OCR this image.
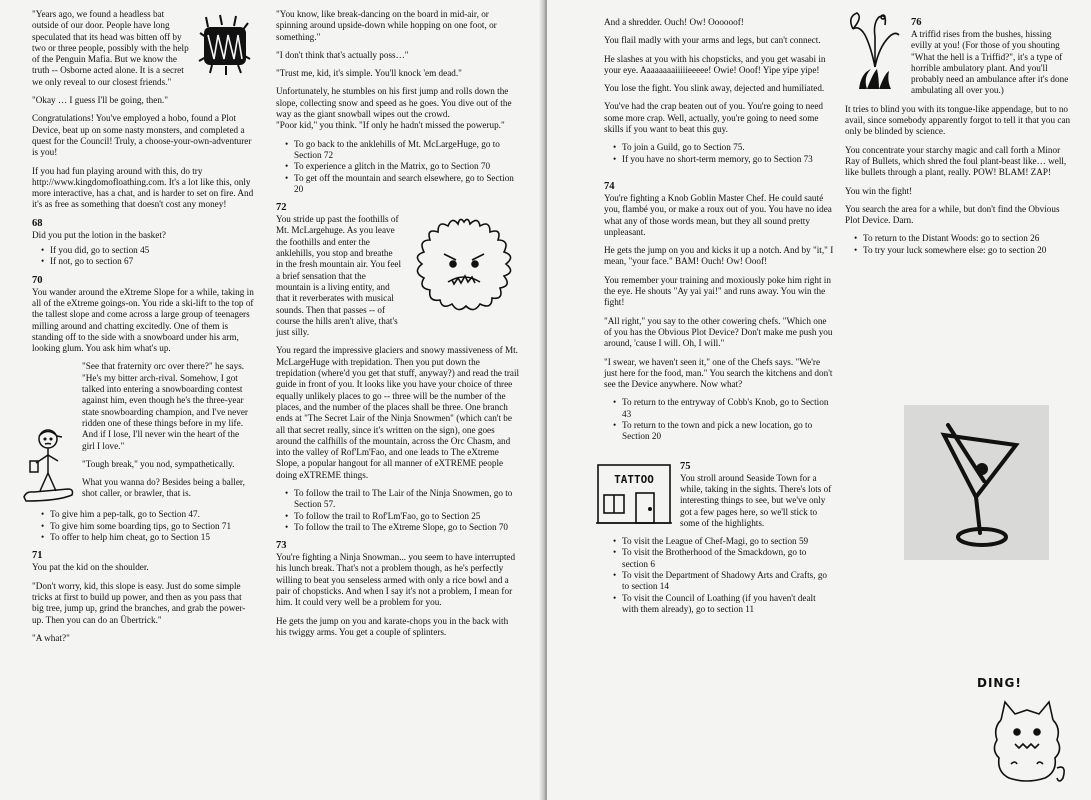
"Years ago, we found a headless bat outside of our door. People have long speculated that its head was bitten off by two or three people, possibly with the help of the Penguin Mafia. But we know the truth -- Osborne acted alone. It is a secret we only reveal to our closest friends."

"Okay … I guess I'll be going, then."

Congratulations! You've employed a hobo, found a Plot Device, beat up on some nasty monsters, and completed a quest for the Council! Truly, a choose-your-own-adventurer is you!

If you had fun playing around with this, do try http://www.kingdomofloathing.com. It's a lot like this, only more interactive, has a chat, and is harder to set on fire. And it's as free as something that doesn't cost any money!

68

Did you put the lotion in the basket?

• If you did, go to section 45
• If not, go to section 67
70

You wander around the eXtreme Slope for a while, taking in all of the eXtreme goings-on. You ride a ski-lift to the top of the tallest slope and come across a large group of teenagers milling around and chatting excitedly. One of them is standing off to the side with a snowboard under his arm, looking glum. You ask him what's up.

"See that fraternity orc over there?" he says. "He's my bitter arch-rival. Somehow, I got talked into entering a snowboarding contest against him, even though he's the three-year state snowboarding champion, and I've never ridden one of these things before in my life. And if I lose, I'll never win the heart of the girl I love."

"Tough break," you nod, sympathetically.

What you wanna do? Besides being a baller, shot caller, or brawler, that is.

• To give him a pep-talk, go to Section 47.
• To give him some boarding tips, go to Section 71
• To offer to help him cheat, go to Section 15
71

You pat the kid on the shoulder.

"Don't worry, kid, this slope is easy. Just do some simple tricks at first to build up power, and then as you pass that big tree, jump up, grind the branches, and grab the power-up. Then you can do an Übertrick."

"A what?"

"You know, like break-dancing on the board in mid-air, or spinning around upside-down while hopping on one foot, or something."

"I don't think that's actually poss…"

"Trust me, kid, it's simple. You'll knock 'em dead."

Unfortunately, he stumbles on his first jump and rolls down the slope, collecting snow and speed as he goes. You dive out of the way as the giant snowball wipes out the crowd.

"Poor kid," you think. "If only he hadn't missed the powerup."

• To go back to the anklehills of Mt. McLargeHuge, go to Section 72
• To experience a glitch in the Matrix, go to Section 70
• To get off the mountain and search elsewhere, go to Section 20
72

You stride up past the foothills of Mt. McLargehuge. As you leave the foothills and enter the anklehills, you stop and breathe in the fresh mountain air. You feel a brief sensation that the mountain is a living entity, and that it reverberates with musical sounds. Then that passes -- of course the hills aren't alive, that's just silly.

You regard the impressive glaciers and snowy massiveness of Mt. McLargeHuge with trepidation. Then you put down the trepidation (where'd you get that stuff, anyway?) and read the trail guide in front of you. It looks like you have your choice of three equally unlikely places to go -- three will be the number of the places, and the number of the places shall be three. One branch ends at "The Secret Lair of the Ninja Snowmen" (which can't be all that secret really, since it's written on the sign), one goes around the calfhills of the mountain, across the Orc Chasm, and into the valley of Rof'Lm'Fao, and one leads to The eXtreme Slope, a popular hangout for all manner of eXTREME people doing eXTREME things.

• To follow the trail to The Lair of the Ninja Snowmen, go to Section 57.
• To follow the trail to Rof'Lm'Fao, go to Section 25
• To follow the trail to The eXtreme Slope, go to Section 70
73

You're fighting a Ninja Snowman... you seem to have interrupted his lunch break. That's not a problem though, as he's perfectly willing to beat you senseless armed with only a rice bowl and a pair of chopsticks. And when I say it's not a problem, I mean for him. It could very well be a problem for you.

He gets the jump on you and karate-chops you in the back with his twiggy arms. You get a couple of splinters.

And a shredder. Ouch! Ow! Oooooof!

You flail madly with your arms and legs, but can't connect.

He slashes at you with his chopsticks, and you get wasabi in your eye. Aaaaaaaaiiiiieeeee! Owie! Ooof! Yipe yipe yipe!

You lose the fight. You slink away, dejected and humiliated.

You've had the crap beaten out of you. You're going to need some more crap. Well, actually, you're going to need some skills if you want to beat this guy.

• To join a Guild, go to Section 75.
• If you have no short-term memory, go to Section 73
74

You're fighting a Knob Goblin Master Chef. He could sauté you, flambé you, or make a roux out of you. You have no idea what any of those words mean, but they all sound pretty unpleasant.

He gets the jump on you and kicks it up a notch. And by "it," I mean, "your face." BAM! Ouch! Ow! Ooof!

You remember your training and moxiously poke him right in the eye. He shouts "Ay yai yai!" and runs away. You win the fight!

"All right," you say to the other cowering chefs. "Which one of you has the Obvious Plot Device? Don't make me push you around, 'cause I will. Oh, I will."

"I swear, we haven't seen it," one of the Chefs says. "We're just here for the food, man." You search the kitchens and don't see the Device anywhere. Now what?

• To return to the entryway of Cobb's Knob, go to Section 43
• To return to the town and pick a new location, go to Section 20
TATTOO
75

You stroll around Seaside Town for a while, taking in the sights. There's lots of interesting things to see, but we've only got a few pages here, so we'll stick to some of the highlights.

• To visit the League of Chef-Magi, go to section 59
• To visit the Brotherhood of the Smackdown, go to section 6
• To visit the Department of Shadowy Arts and Crafts, go to section 14
• To visit the Council of Loathing (if you haven't dealt with them already), go to section 11
76

A triffid rises from the bushes, hissing evilly at you! (For those of you shouting "What the hell is a Triffid?", it's a type of horrible ambulatory plant. And you'll probably need an ambulance after it's done ambulating all over you.)

It tries to blind you with its tongue-like appendage, but to no avail, since somebody apparently forgot to tell it that you can only be blinded by science.

You concentrate your starchy magic and call forth a Minor Ray of Bullets, which shred the foul plant-beast like… well, like bullets through a plant, really. POW! BLAM! ZAP!

You win the fight!

You search the area for a while, but don't find the Obvious Plot Device. Darn.

• To return to the Distant Woods: go to section 26
• To try your luck somewhere else: go to section 20
DING!
